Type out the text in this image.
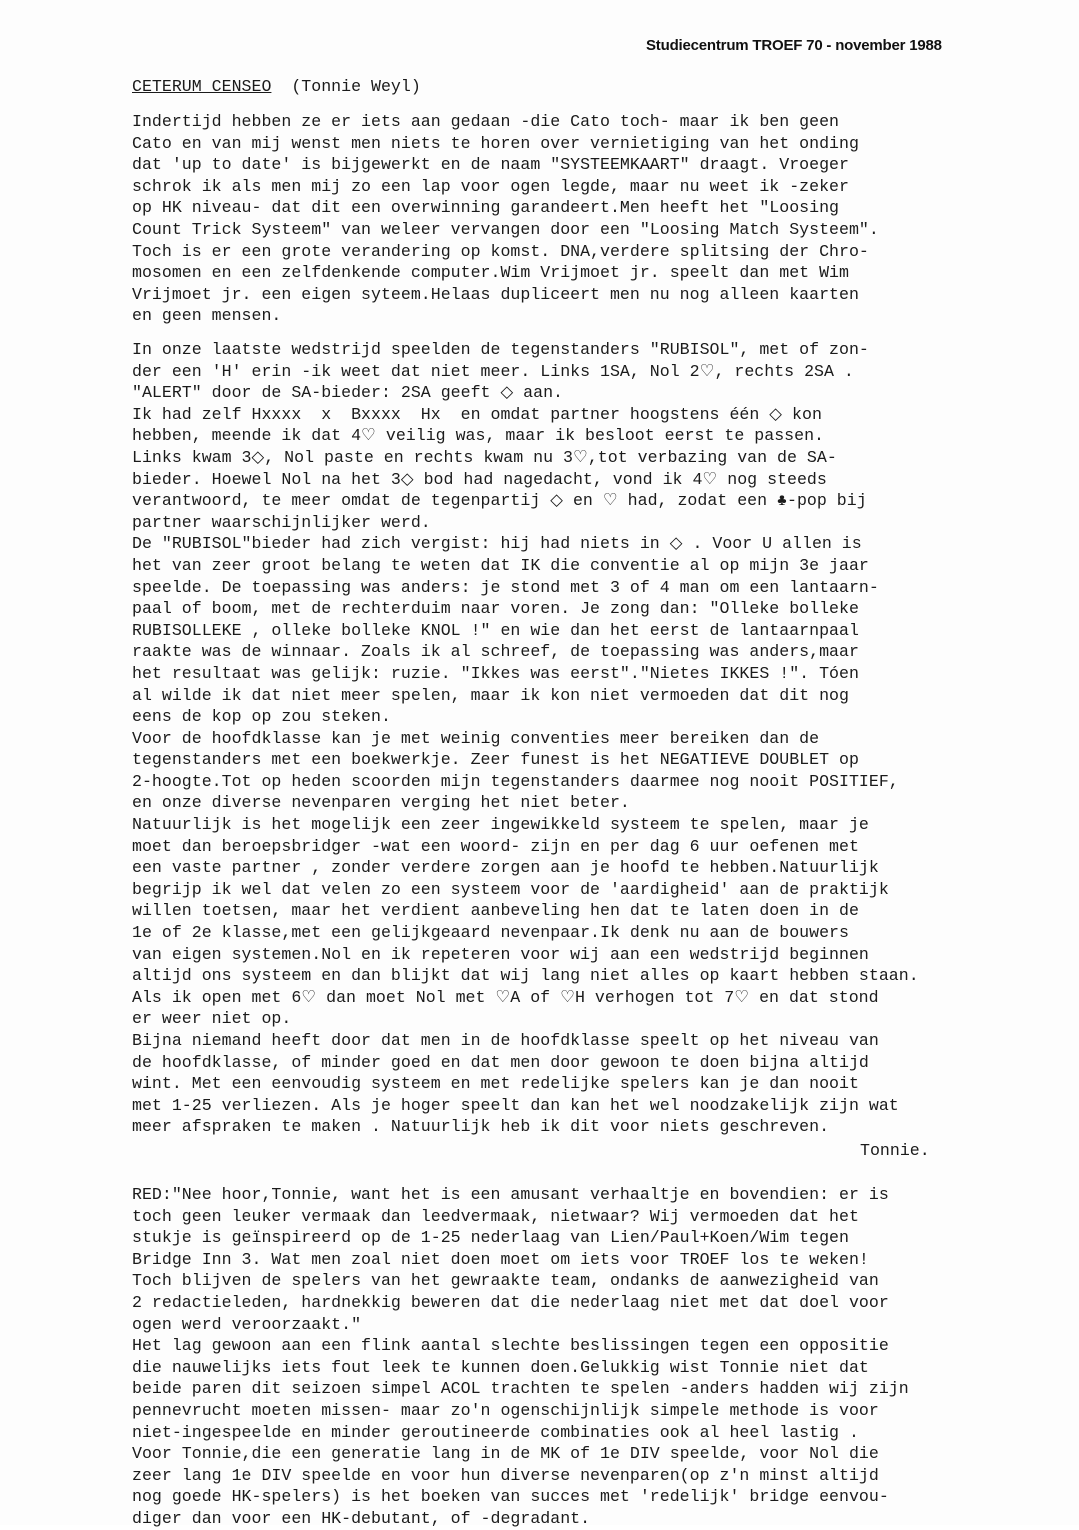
Studiecentrum TROEF 70 - november 1988
CETERUM CENSEO (Tonnie Weyl)
Indertijd hebben ze er iets aan gedaan -die Cato toch- maar ik ben geen
Cato en van mij wenst men niets te horen over vernietiging van het onding
dat 'up to date' is bijgewerkt en de naam "SYSTEEMKAART" draagt. Vroeger
schrok ik als men mij zo een lap voor ogen legde, maar nu weet ik -zeker
op HK niveau- dat dit een overwinning garandeert.Men heeft het "Loosing
Count Trick Systeem" van weleer vervangen door een "Loosing Match Systeem".
Toch is er een grote verandering op komst. DNA,verdere splitsing der Chro-
mosomen en een zelfdenkende computer.Wim Vrijmoet jr. speelt dan met Wim
Vrijmoet jr. een eigen syteem.Helaas dupliceert men nu nog alleen kaarten
en geen mensen.
In onze laatste wedstrijd speelden de tegenstanders "RUBISOL", met of zon-
der een 'H' erin -ik weet dat niet meer. Links 1SA, Nol 2♡, rechts 2SA .
"ALERT" door de SA-bieder: 2SA geeft ◇ aan.
Ik had zelf Hxxxx  x  Bxxxx  Hx  en omdat partner hoogstens één ◇ kon
hebben, meende ik dat 4♡ veilig was, maar ik besloot eerst te passen.
Links kwam 3◇, Nol paste en rechts kwam nu 3♡,tot verbazing van de SA-
bieder. Hoewel Nol na het 3◇ bod had nagedacht, vond ik 4♡ nog steeds
verantwoord, te meer omdat de tegenpartij ◇ en ♡ had, zodat een ♣-pop bij
partner waarschijnlijker werd.
De "RUBISOL"bieder had zich vergist: hij had niets in ◇ . Voor U allen is
het van zeer groot belang te weten dat IK die conventie al op mijn 3e jaar
speelde. De toepassing was anders: je stond met 3 of 4 man om een lantaarn-
paal of boom, met de rechterduim naar voren. Je zong dan: "Olleke bolleke
RUBISOLLEKE , olleke bolleke KNOL !" en wie dan het eerst de lantaarnpaal
raakte was de winnaar. Zoals ik al schreef, de toepassing was anders,maar
het resultaat was gelijk: ruzie. "Ikkes was eerst"."Nietes IKKES !". Tóen
al wilde ik dat niet meer spelen, maar ik kon niet vermoeden dat dit nog
eens de kop op zou steken.
Voor de hoofdklasse kan je met weinig conventies meer bereiken dan de
tegenstanders met een boekwerkje. Zeer funest is het NEGATIEVE DOUBLET op
2-hoogte.Tot op heden scoorden mijn tegenstanders daarmee nog nooit POSITIEF,
en onze diverse nevenparen verging het niet beter.
Natuurlijk is het mogelijk een zeer ingewikkeld systeem te spelen, maar je
moet dan beroepsbridger -wat een woord- zijn en per dag 6 uur oefenen met
een vaste partner , zonder verdere zorgen aan je hoofd te hebben.Natuurlijk
begrijp ik wel dat velen zo een systeem voor de 'aardigheid' aan de praktijk
willen toetsen, maar het verdient aanbeveling hen dat te laten doen in de
1e of 2e klasse,met een gelijkgeaard nevenpaar.Ik denk nu aan de bouwers
van eigen systemen.Nol en ik repeteren voor wij aan een wedstrijd beginnen
altijd ons systeem en dan blijkt dat wij lang niet alles op kaart hebben staan.
Als ik open met 6♡ dan moet Nol met ♡A of ♡H verhogen tot 7♡ en dat stond
er weer niet op.
Bijna niemand heeft door dat men in de hoofdklasse speelt op het niveau van
de hoofdklasse, of minder goed en dat men door gewoon te doen bijna altijd
wint. Met een eenvoudig systeem en met redelijke spelers kan je dan nooit
met 1-25 verliezen. Als je hoger speelt dan kan het wel noodzakelijk zijn wat
meer afspraken te maken . Natuurlijk heb ik dit voor niets geschreven.
Tonnie.
RED:"Nee hoor,Tonnie, want het is een amusant verhaaltje en bovendien: er is
toch geen leuker vermaak dan leedvermaak, nietwaar? Wij vermoeden dat het
stukje is geïnspireerd op de 1-25 nederlaag van Lien/Paul+Koen/Wim tegen
Bridge Inn 3. Wat men zoal niet doen moet om iets voor TROEF los te weken!
Toch blijven de spelers van het gewraakte team, ondanks de aanwezigheid van
2 redactieleden, hardnekkig beweren dat die nederlaag niet met dat doel voor
ogen werd veroorzaakt."
Het lag gewoon aan een flink aantal slechte beslissingen tegen een oppositie
die nauwelijks iets fout leek te kunnen doen.Gelukkig wist Tonnie niet dat
beide paren dit seizoen simpel ACOL trachten te spelen -anders hadden wij zijn
pennevrucht moeten missen- maar zo'n ogenschijnlijk simpele methode is voor
niet-ingespeelde en minder geroutineerde combinaties ook al heel lastig .
Voor Tonnie,die een generatie lang in de MK of 1e DIV speelde, voor Nol die
zeer lang 1e DIV speelde en voor hun diverse nevenparen(op z'n minst altijd
nog goede HK-spelers) is het boeken van succes met 'redelijk' bridge eenvou-
diger dan voor een HK-debutant, of -degradant.
